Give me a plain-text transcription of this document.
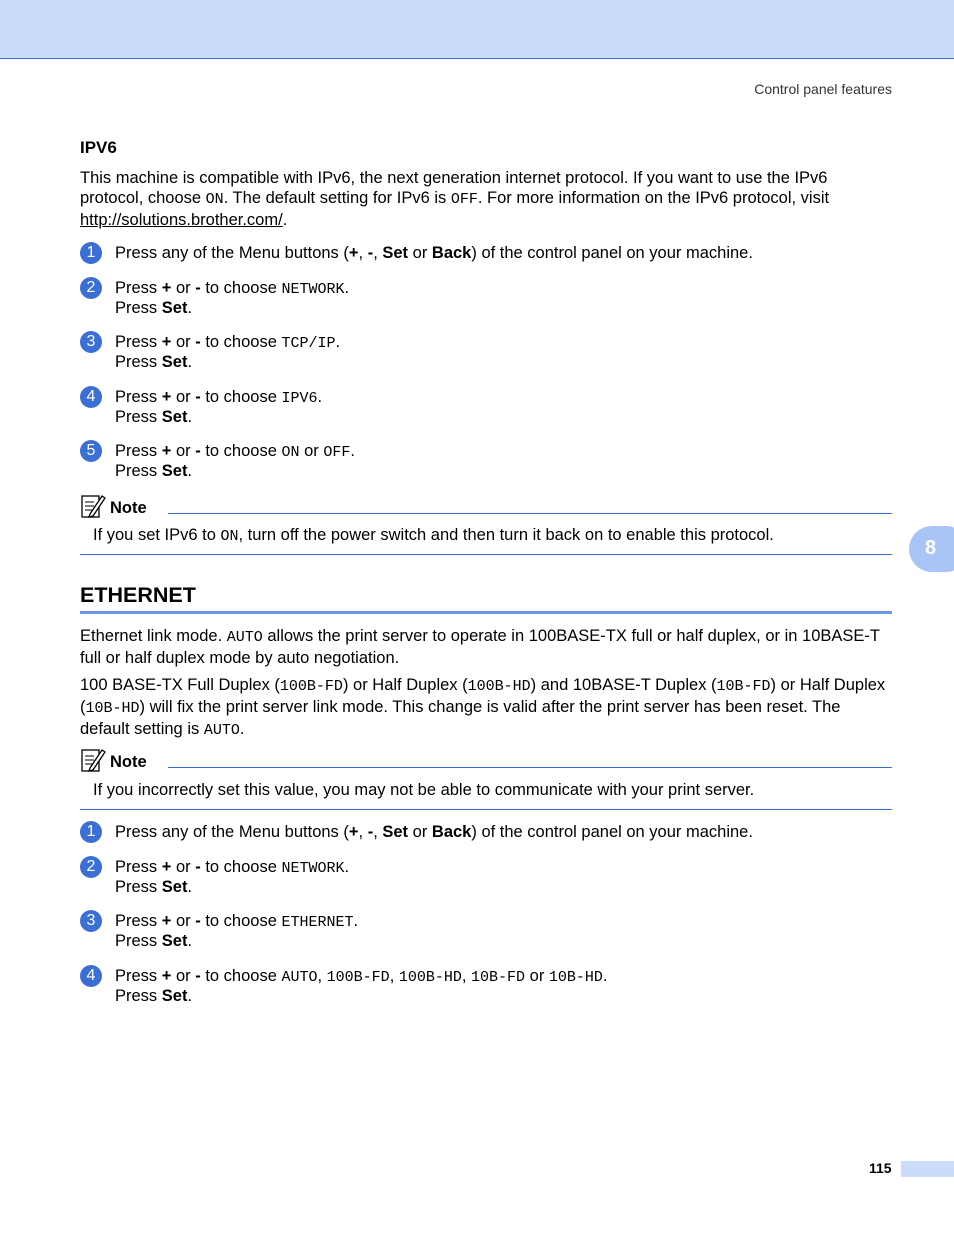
Control panel features
IPV6
This machine is compatible with IPv6, the next generation internet protocol. If you want to use the IPv6 protocol, choose ON. The default setting for IPv6 is OFF. For more information on the IPv6 protocol, visit http://solutions.brother.com/.
1	Press any of the Menu buttons (+, -, Set or Back) of the control panel on your machine.
2	Press + or - to choose NETWORK.
Press Set.
3	Press + or - to choose TCP/IP.
Press Set.
4	Press + or - to choose IPV6.
Press Set.
5	Press + or - to choose ON or OFF.
Press Set.
Note
If you set IPv6 to ON, turn off the power switch and then turn it back on to enable this protocol.
8
ETHERNET
Ethernet link mode. AUTO allows the print server to operate in 100BASE-TX full or half duplex, or in 10BASE-T full or half duplex mode by auto negotiation.
100 BASE-TX Full Duplex (100B-FD) or Half Duplex (100B-HD) and 10BASE-T Duplex (10B-FD) or Half Duplex (10B-HD) will fix the print server link mode. This change is valid after the print server has been reset. The default setting is AUTO.
Note
If you incorrectly set this value, you may not be able to communicate with your print server.
1	Press any of the Menu buttons (+, -, Set or Back) of the control panel on your machine.
2	Press + or - to choose NETWORK.
Press Set.
3	Press + or - to choose ETHERNET.
Press Set.
4	Press + or - to choose AUTO, 100B-FD, 100B-HD, 10B-FD or 10B-HD.
Press Set.
115
